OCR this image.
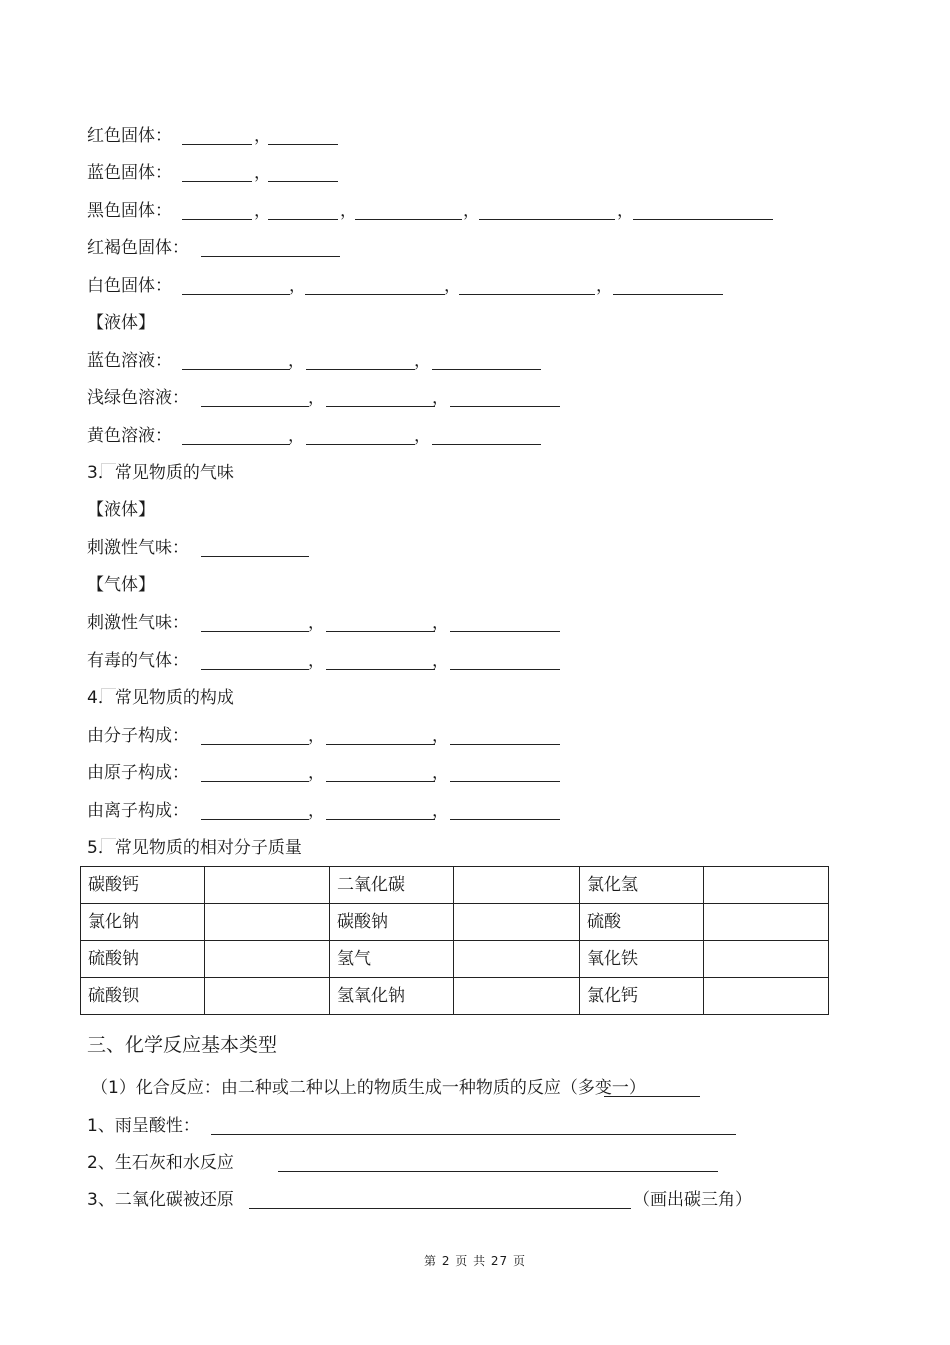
红色固体：	，
蓝色固体：	，
黑色固体：	，	，	，	，
红褐色固体：
白色固体：	，	，	，
【液体】
蓝色溶液：	，	，
浅绿色溶液：	，	，
黄色溶液：	，	，
3．常见物质的气味
【液体】
刺激性气味：
【气体】
刺激性气味：	，	，
有毒的气体：	，	，
4．常见物质的构成
由分子构成：	，	，
由原子构成：	，	，
由离子构成：	，	，
5．常见物质的相对分子质量
碳酸钙		二氧化碳		氯化氢	
氯化钠		碳酸钠		硫酸	
硫酸钠		氢气		氧化铁	
硫酸钡		氢氧化钠		氯化钙	
三、化学反应基本类型
（1）化合反应：由二种或二种以上的物质生成一种物质的反应（多变一）
1、雨呈酸性：
2、生石灰和水反应
3、二氧化碳被还原	（画出碳三角）
第 2 页 共 27 页
